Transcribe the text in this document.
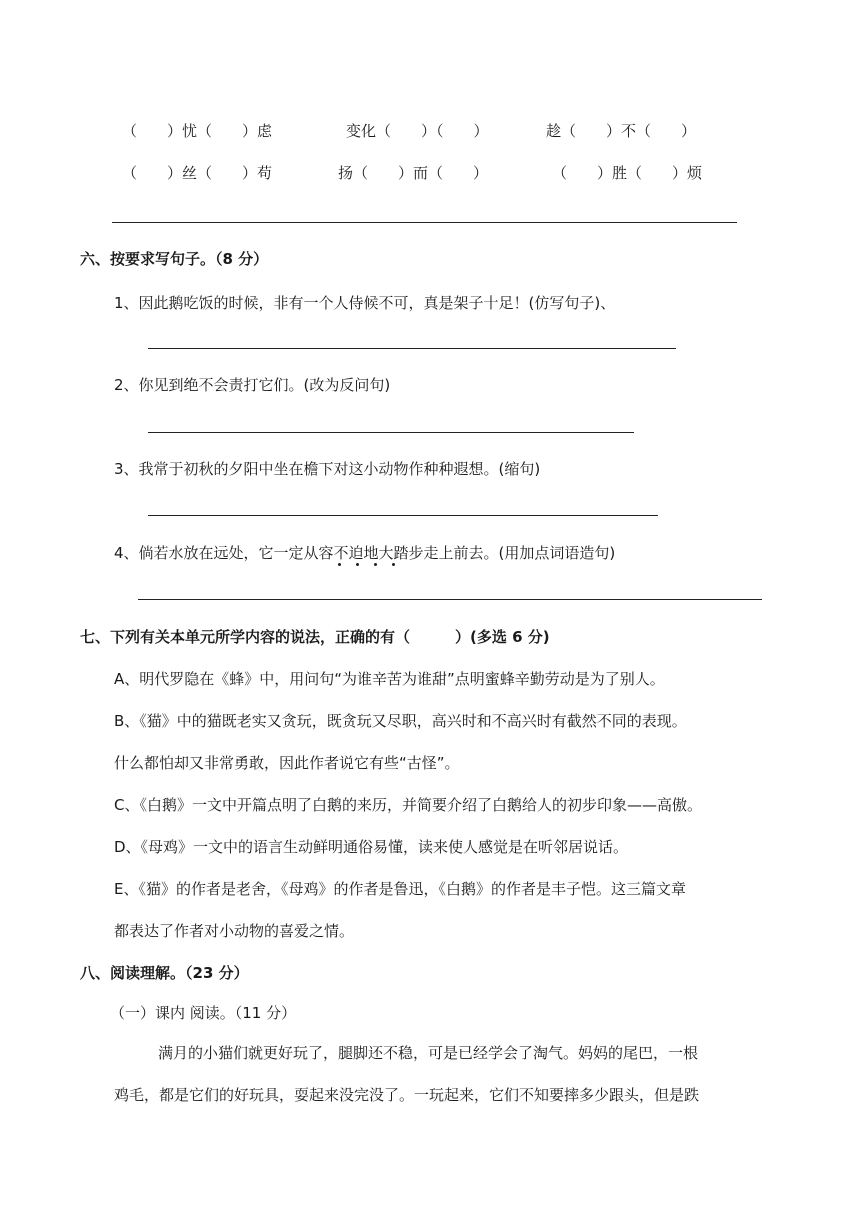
（　　）忧（　　）虑	变化（　　）（　　）	趁（　　）不（　　）
（　　）丝（　　）苟	扬（　　）而（　　）	（　　）胜（　　）烦
六、按要求写句子。（8 分）
1、因此鹅吃饭的时候，非有一个人侍候不可，真是架子十足！(仿写句子)、
2、你见到绝不会责打它们。(改为反问句)
3、我常于初秋的夕阳中坐在檐下对这小动物作种种遐想。(缩句)
4、倘若水放在远处，它一定从容不迫地大踏步走上前去。(用加点词语造句)
七、下列有关本单元所学内容的说法，正确的有（　　　）(多选 6 分)
A、明代罗隐在《蜂》中，用问句“为谁辛苦为谁甜”点明蜜蜂辛勤劳动是为了别人。
B、《猫》中的猫既老实又贪玩，既贪玩又尽职，高兴时和不高兴时有截然不同的表现。
什么都怕却又非常勇敢，因此作者说它有些“古怪”。
C、《白鹅》一文中开篇点明了白鹅的来历，并简要介绍了白鹅给人的初步印象——高傲。
D、《母鸡》一文中的语言生动鲜明通俗易懂，读来使人感觉是在听邻居说话。
E、《猫》的作者是老舍，《母鸡》的作者是鲁迅，《白鹅》的作者是丰子恺。这三篇文章
都表达了作者对小动物的喜爱之情。
八、阅读理解。（23 分）
（一）课内 阅读。（11 分）
满月的小猫们就更好玩了，腿脚还不稳，可是已经学会了淘气。妈妈的尾巴，一根
鸡毛，都是它们的好玩具，耍起来没完没了。一玩起来，它们不知要摔多少跟头，但是跌
